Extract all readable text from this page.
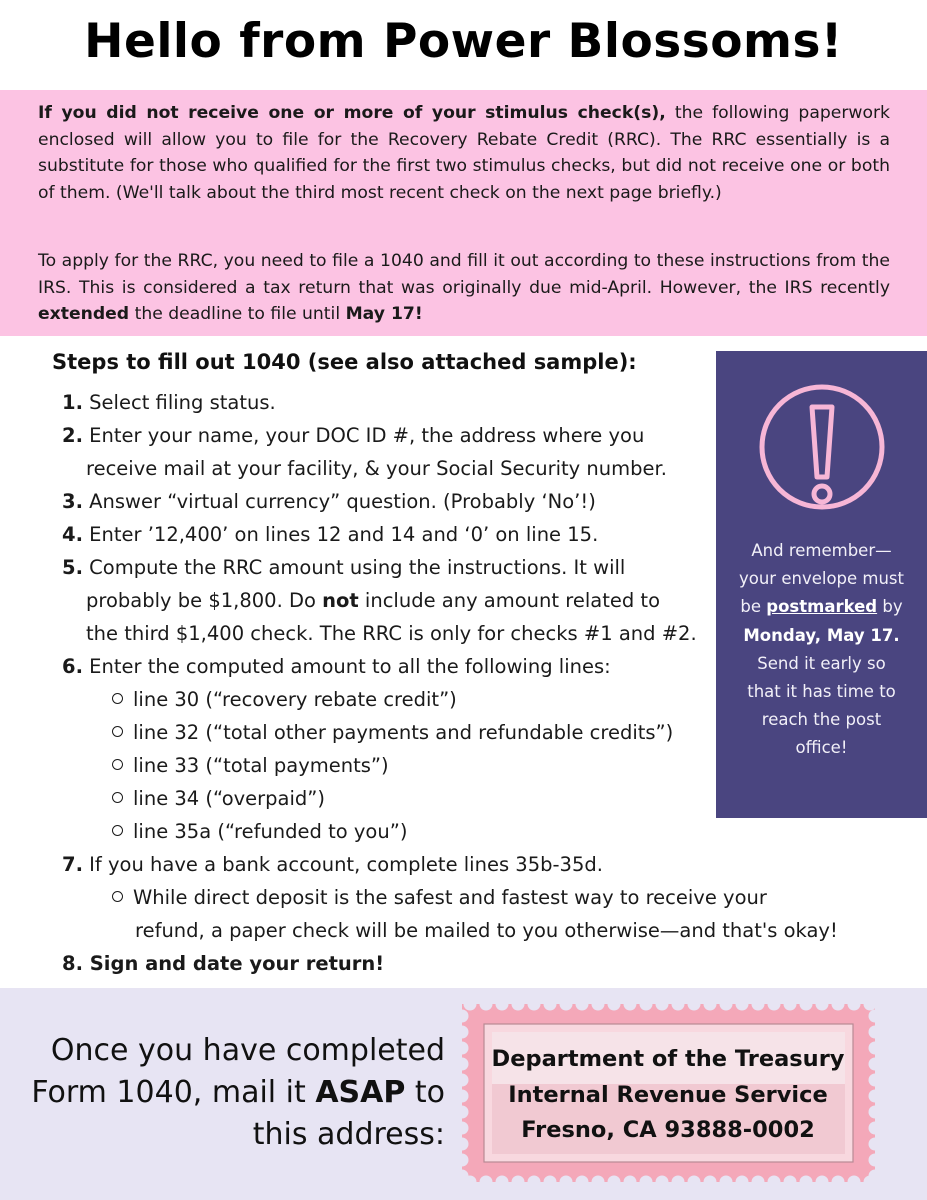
Hello from Power Blossoms!

If you did not receive one or more of your stimulus check(s), the following paperwork enclosed will allow you to file for the Recovery Rebate Credit (RRC). The RRC essentially is a substitute for those who qualified for the first two stimulus checks, but did not receive one or both of them. (We'll talk about the third most recent check on the next page briefly.)

To apply for the RRC, you need to file a 1040 and fill it out according to these instructions from the IRS. This is considered a tax return that was originally due mid-April. However, the IRS recently extended the deadline to file until May 17!

Steps to fill out 1040 (see also attached sample):
1. Select filing status.
2. Enter your name, your DOC ID #, the address where you
receive mail at your facility, & your Social Security number.
3. Answer “virtual currency” question. (Probably ‘No’!)
4. Enter ’12,400’ on lines 12 and 14 and ‘0’ on line 15.
5. Compute the RRC amount using the instructions. It will
probably be $1,800. Do not include any amount related to
the third $1,400 check. The RRC is only for checks #1 and #2.
6. Enter the computed amount to all the following lines:
line 30 (“recovery rebate credit”)
line 32 (“total other payments and refundable credits”)
line 33 (“total payments”)
line 34 (“overpaid”)
line 35a (“refunded to you”)
7. If you have a bank account, complete lines 35b-35d.
While direct deposit is the safest and fastest way to receive your
refund, a paper check will be mailed to you otherwise—and that's okay!
8. Sign and date your return!
And remember—
your envelope must
be postmarked by
Monday, May 17.
Send it early so
that it has time to
reach the post
office!
Once you have completed
Form 1040, mail it ASAP to
this address:
Department of the Treasury
Internal Revenue Service
Fresno, CA 93888-0002
